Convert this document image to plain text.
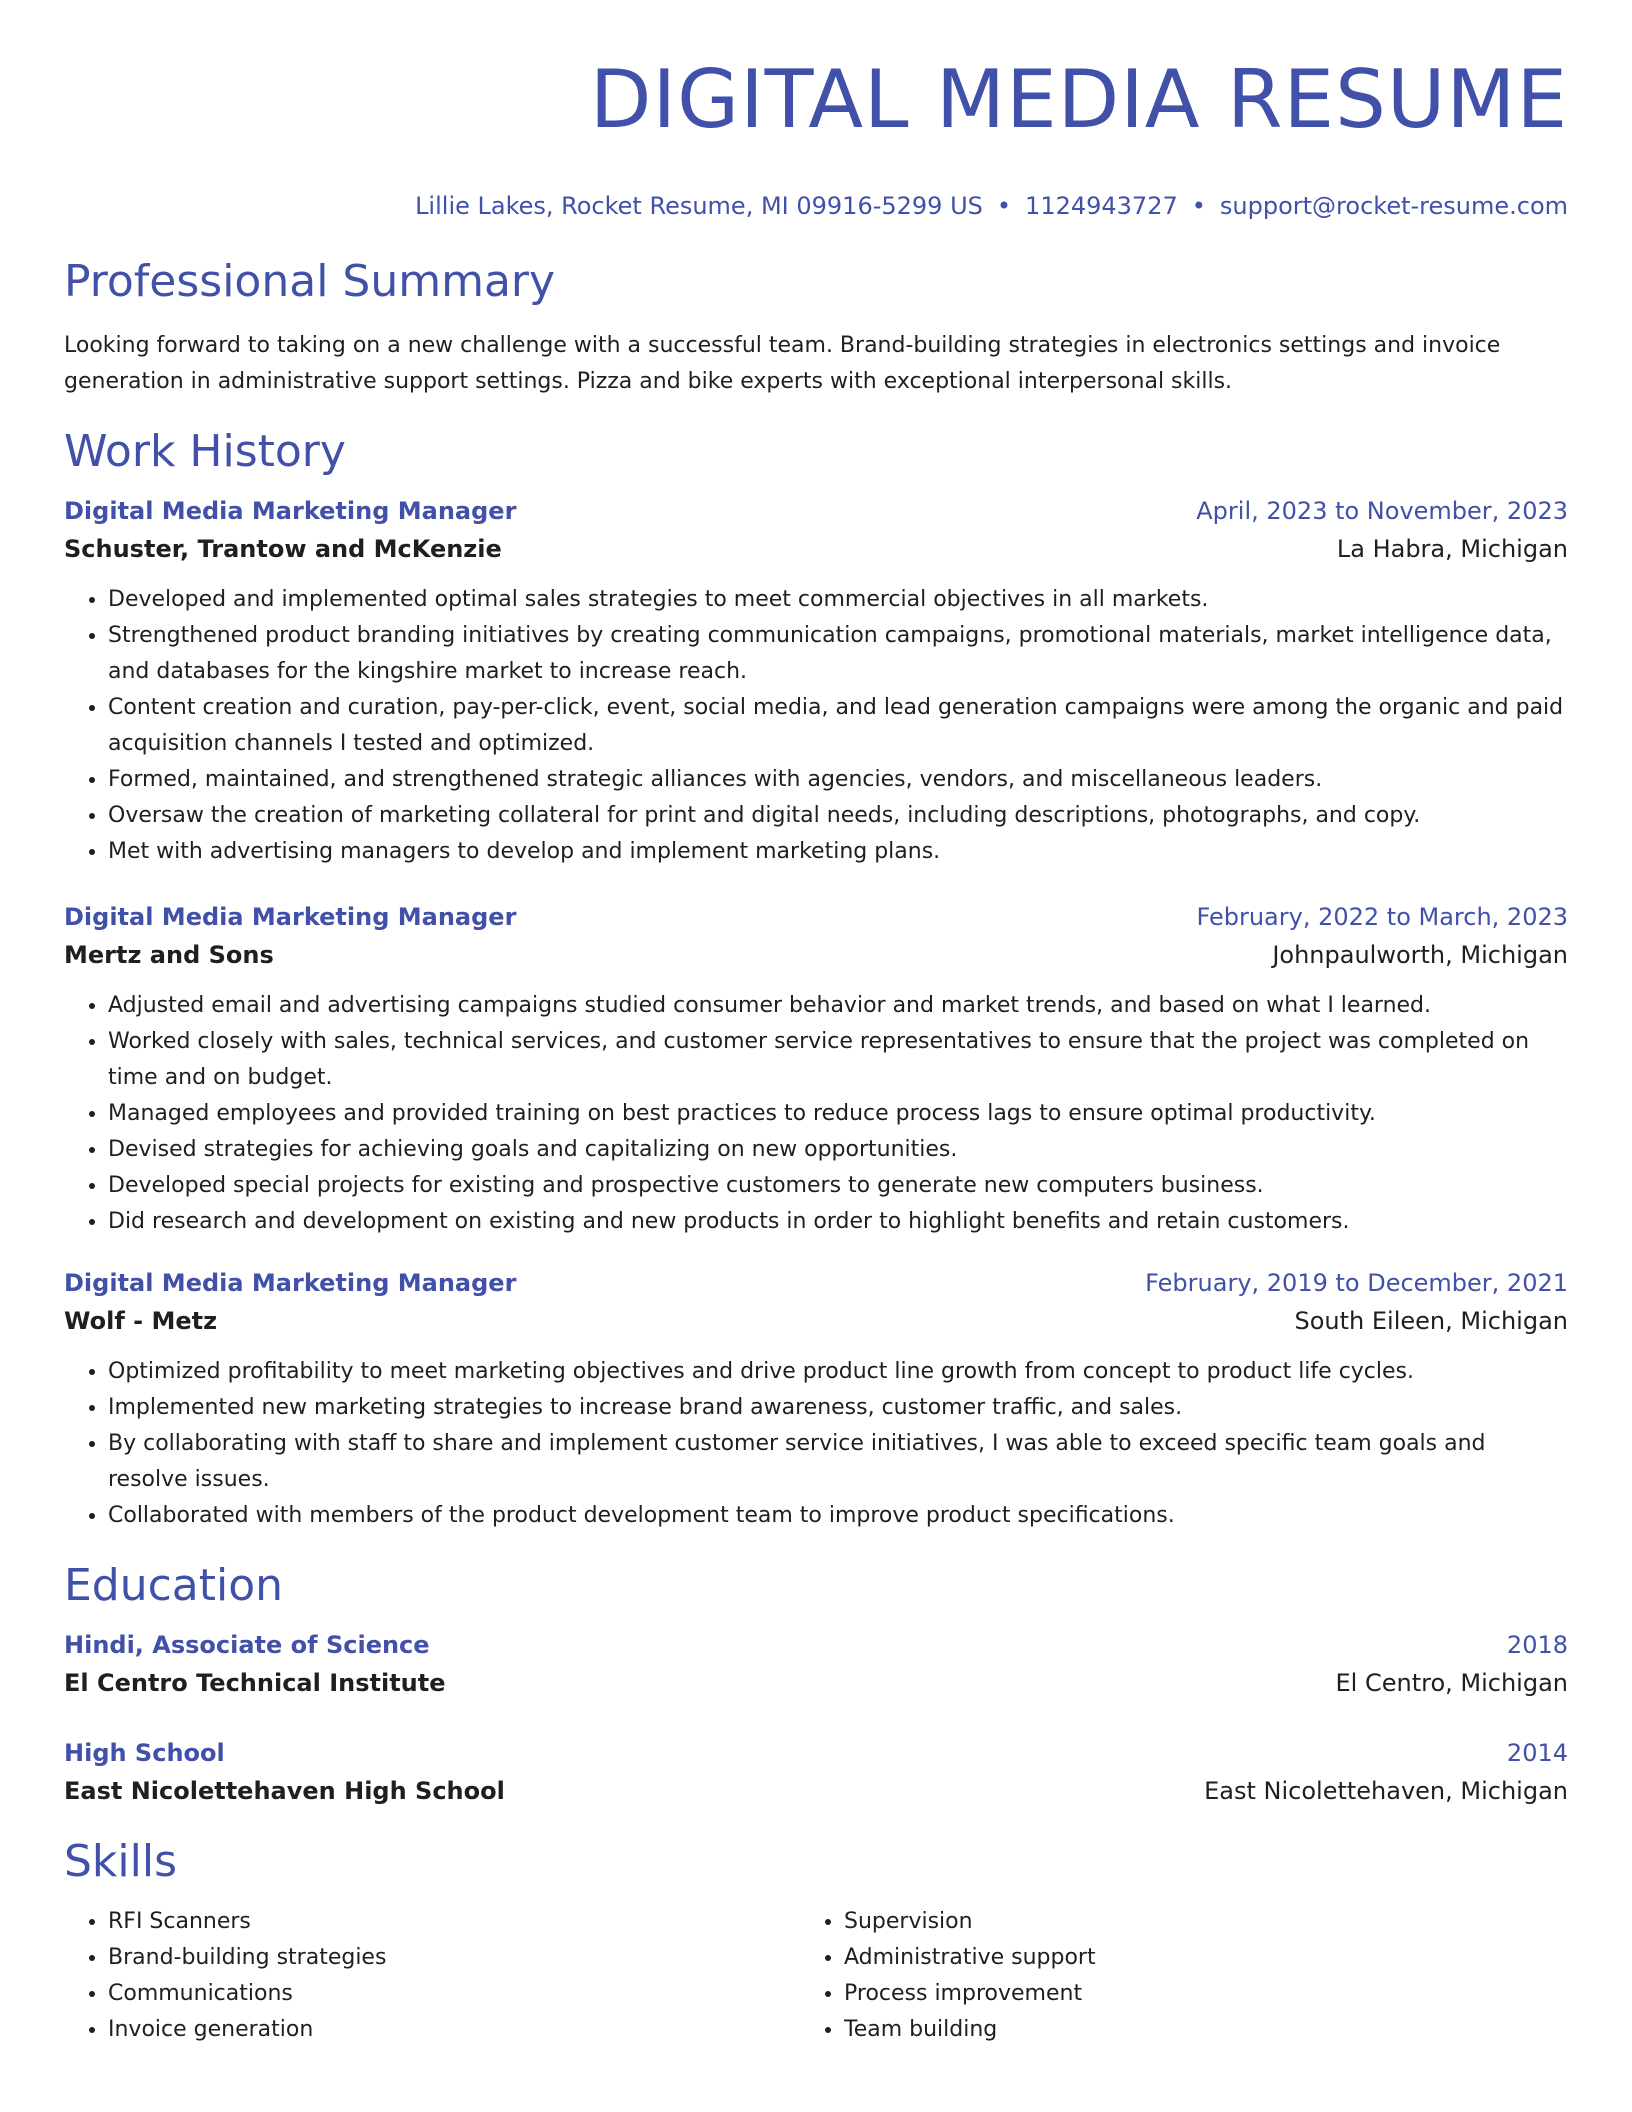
DIGITAL MEDIA RESUME
Lillie Lakes, Rocket Resume, MI 09916-5299 US • 1124943727 • support@rocket-resume.com
Professional Summary

Looking forward to taking on a new challenge with a successful team. Brand-building strategies in electronics settings and invoice generation in administrative support settings. Pizza and bike experts with exceptional interpersonal skills.

Work History
Digital Media Marketing Manager	April, 2023 to November, 2023
Schuster, Trantow and McKenzie	La Habra, Michigan
• Developed and implemented optimal sales strategies to meet commercial objectives in all markets.
• Strengthened product branding initiatives by creating communication campaigns, promotional materials, market intelligence data, and databases for the kingshire market to increase reach.
• Content creation and curation, pay-per-click, event, social media, and lead generation campaigns were among the organic and paid acquisition channels I tested and optimized.
• Formed, maintained, and strengthened strategic alliances with agencies, vendors, and miscellaneous leaders.
• Oversaw the creation of marketing collateral for print and digital needs, including descriptions, photographs, and copy.
• Met with advertising managers to develop and implement marketing plans.
Digital Media Marketing Manager	February, 2022 to March, 2023
Mertz and Sons	Johnpaulworth, Michigan
• Adjusted email and advertising campaigns studied consumer behavior and market trends, and based on what I learned.
• Worked closely with sales, technical services, and customer service representatives to ensure that the project was completed on time and on budget.
• Managed employees and provided training on best practices to reduce process lags to ensure optimal productivity.
• Devised strategies for achieving goals and capitalizing on new opportunities.
• Developed special projects for existing and prospective customers to generate new computers business.
• Did research and development on existing and new products in order to highlight benefits and retain customers.
Digital Media Marketing Manager	February, 2019 to December, 2021
Wolf - Metz	South Eileen, Michigan
• Optimized profitability to meet marketing objectives and drive product line growth from concept to product life cycles.
• Implemented new marketing strategies to increase brand awareness, customer traffic, and sales.
• By collaborating with staff to share and implement customer service initiatives, I was able to exceed specific team goals and resolve issues.
• Collaborated with members of the product development team to improve product specifications.
Education
Hindi, Associate of Science	2018
El Centro Technical Institute	El Centro, Michigan
High School	2014
East Nicolettehaven High School	East Nicolettehaven, Michigan
Skills
• RFI Scanners
• Brand-building strategies
• Communications
• Invoice generation
• Supervision
• Administrative support
• Process improvement
• Team building
